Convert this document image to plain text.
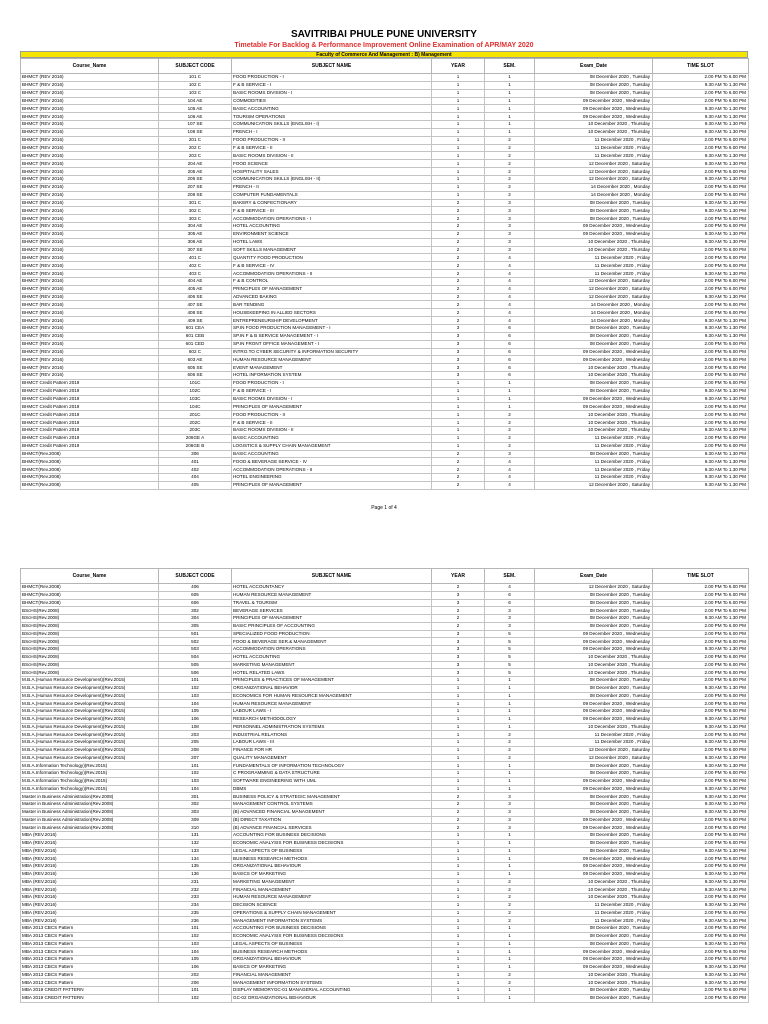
SAVITRIBAI PHULE PUNE UNIVERSITY
Timetable For Backlog & Performance Improvement Online Examination of APR/MAY 2020
Faculty of Commerce And Management : B) Management
Course_Name	SUBJECT CODE	SUBJECT NAME	YEAR	SEM.	Exam_Date	TIME SLOT
BHMCT (REV 2016)	101 C	FOOD PRODUCTION - I	1	1	08 December 2020 , Tuesday	2.00 PM To 6.00 PM
BHMCT (REV 2016)	102 C	F & B SERVICE - I	1	1	08 December 2020 , Tuesday	9.30 AM To 1.30 PM
BHMCT (REV 2016)	103 C	BASIC ROOMS DIVISION - I	1	1	08 December 2020 , Tuesday	2.00 PM To 6.00 PM
BHMCT (REV 2016)	104 AE	COMMODITIES	1	1	09 December 2020 , Wednesday	2.00 PM To 6.00 PM
BHMCT (REV 2016)	105 AE	BASIC ACCOUNTING	1	1	09 December 2020 , Wednesday	9.30 AM To 1.30 PM
BHMCT (REV 2016)	106 AE	TOURISM OPERATIONS	1	1	09 December 2020 , Wednesday	9.30 AM To 1.30 PM
BHMCT (REV 2016)	107 SE	COMMUNICATION SKILLS (ENGLISH - I)	1	1	10 December 2020 , Thursday	9.30 AM To 1.30 PM
BHMCT (REV 2016)	108 SE	FRENCH - I	1	1	10 December 2020 , Thursday	9.30 AM To 1.30 PM
BHMCT (REV 2016)	201 C	FOOD PRODUCTION - II	1	2	11 December 2020 , Friday	2.00 PM To 6.00 PM
BHMCT (REV 2016)	202 C	F & B SERVICE - II	1	2	11 December 2020 , Friday	2.00 PM To 6.00 PM
BHMCT (REV 2016)	203 C	BASIC ROOMS DIVISION - II	1	2	11 December 2020 , Friday	9.30 AM To 1.30 PM
BHMCT (REV 2016)	204 AE	FOOD SCIENCE	1	2	12 December 2020 , Saturday	9.30 AM To 1.30 PM
BHMCT (REV 2016)	205 AE	HOSPITALITY SALES	1	2	12 December 2020 , Saturday	2.00 PM To 6.00 PM
BHMCT (REV 2016)	206 SE	COMMUNICATION SKILLS (ENGLISH - II)	1	2	12 December 2020 , Saturday	9.30 AM To 1.30 PM
BHMCT (REV 2016)	207 SE	FRENCH - II	1	2	14 December 2020 , Monday	2.00 PM To 6.00 PM
BHMCT (REV 2016)	208 SE	COMPUTER FUNDAMENTALS	1	2	14 December 2020 , Monday	2.00 PM To 6.00 PM
BHMCT (REV 2016)	301 C	BAKERY & CONFECTIONARY	2	3	08 December 2020 , Tuesday	9.30 AM To 1.30 PM
BHMCT (REV 2016)	302 C	F & B SERVICE - III	2	3	08 December 2020 , Tuesday	9.30 AM To 1.30 PM
BHMCT (REV 2016)	303 C	ACCOMMODATION OPERATIONS - I	2	3	08 December 2020 , Tuesday	2.00 PM To 6.00 PM
BHMCT (REV 2016)	304 AE	HOTEL ACCOUNTING	2	3	09 December 2020 , Wednesday	2.00 PM To 6.00 PM
BHMCT (REV 2016)	305 AE	ENVIRONMENT SCIENCE	2	3	09 December 2020 , Wednesday	9.30 AM To 1.30 PM
BHMCT (REV 2016)	306 AE	HOTEL LAWS	2	3	10 December 2020 , Thursday	9.30 AM To 1.30 PM
BHMCT (REV 2016)	307 SE	SOFT SKILLS MANAGEMENT	2	3	10 December 2020 , Thursday	2.00 PM To 6.00 PM
BHMCT (REV 2016)	401 C	QUANTITY FOOD PRODUCTION	2	4	11 December 2020 , Friday	2.00 PM To 6.00 PM
BHMCT (REV 2016)	402 C	F & B SERVICE - IV	2	4	11 December 2020 , Friday	2.00 PM To 6.00 PM
BHMCT (REV 2016)	403 C	ACCOMMODATION OPERATIONS - II	2	4	11 December 2020 , Friday	9.30 AM To 1.30 PM
BHMCT (REV 2016)	404 AE	F & B CONTROL	2	4	12 December 2020 , Saturday	2.00 PM To 6.00 PM
BHMCT (REV 2016)	405 AE	PRINCIPLES OF MANAGEMENT	2	4	12 December 2020 , Saturday	2.00 PM To 6.00 PM
BHMCT (REV 2016)	406 SE	ADVANCED BAKING	2	4	12 December 2020 , Saturday	9.30 AM To 1.30 PM
BHMCT (REV 2016)	407 SE	BAR TENDING	2	4	14 December 2020 , Monday	2.00 PM To 6.00 PM
BHMCT (REV 2016)	408 SE	HOUSEKEEPING IN ALLIED SECTORS	2	4	14 December 2020 , Monday	2.00 PM To 6.00 PM
BHMCT (REV 2016)	409 SE	ENTREPRENEURSHIP DEVELOPMENT	2	4	14 December 2020 , Monday	9.30 AM To 1.30 PM
BHMCT (REV 2016)	601 CEA	SP.IN FOOD PRODUCTION MANAGEMENT - I	3	6	08 December 2020 , Tuesday	9.30 AM To 1.30 PM
BHMCT (REV 2016)	601 CEB	SP.IN F & B SERVICE MANAGEMENT - I	3	6	08 December 2020 , Tuesday	9.30 AM To 1.30 PM
BHMCT (REV 2016)	601 CED	SP.IN FRONT OFFICE MANAGEMENT - I	3	6	08 December 2020 , Tuesday	2.00 PM To 6.00 PM
BHMCT (REV 2016)	602 C	INTRO.TO CYBER SECURITY & INFORMATION SECURITY	3	6	09 December 2020 , Wednesday	2.00 PM To 6.00 PM
BHMCT (REV 2016)	603 AE	HUMAN RESOURCE MANAGEMENT	3	6	09 December 2020 , Wednesday	2.00 PM To 6.00 PM
BHMCT (REV 2016)	605 SE	EVENT MANAGEMENT	3	6	10 December 2020 , Thursday	2.00 PM To 6.00 PM
BHMCT (REV 2016)	606 SE	HOTEL INFORMATION SYSTEM	3	6	10 December 2020 , Thursday	2.00 PM To 6.00 PM
BHMCT Credit Pattern 2019	101C	FOOD PRODUCTION - I	1	1	08 December 2020 , Tuesday	2.00 PM To 6.00 PM
BHMCT Credit Pattern 2019	102C	F & B SERVICE - I	1	1	08 December 2020 , Tuesday	9.30 AM To 1.30 PM
BHMCT Credit Pattern 2019	103C	BASIC ROOMS DIVISION - I	1	1	09 December 2020 , Wednesday	9.30 AM To 1.30 PM
BHMCT Credit Pattern 2019	104C	PRINCIPLES OF MANAGEMENT	1	1	09 December 2020 , Wednesday	2.00 PM To 6.00 PM
BHMCT Credit Pattern 2019	201C	FOOD PRODUCTION - II	1	2	10 December 2020 , Thursday	2.00 PM To 6.00 PM
BHMCT Credit Pattern 2019	202C	F & B SERVICE - II	1	2	10 December 2020 , Thursday	2.00 PM To 6.00 PM
BHMCT Credit Pattern 2019	203C	BASIC ROOMS DIVISION - II	1	2	10 December 2020 , Thursday	9.30 AM To 1.30 PM
BHMCT Credit Pattern 2019	206GE A	BASIC ACCOUNTING	1	2	11 December 2020 , Friday	2.00 PM To 6.00 PM
BHMCT Credit Pattern 2019	206GE B	LOGISTICS & SUPPLY CHAIN MANAGEMENT	1	2	11 December 2020 , Friday	2.00 PM To 6.00 PM
BHMCT(Rev.2008)	306	BASIC ACCOUNTING	2	3	08 December 2020 , Tuesday	9.30 AM To 1.30 PM
BHMCT(Rev.2008)	401	FOOD & BEVERAGE SERVICE - IV	2	4	11 December 2020 , Friday	9.30 AM To 1.30 PM
BHMCT(Rev.2008)	402	ACCOMMODATION OPERATIONS - II	2	4	11 December 2020 , Friday	9.30 AM To 1.30 PM
BHMCT(Rev.2008)	404	HOTEL ENGINEERING	2	4	11 December 2020 , Friday	9.30 AM To 1.30 PM
BHMCT(Rev.2008)	405	PRINCIPLES OF MANAGEMENT	2	4	12 December 2020 , Saturday	9.30 AM To 1.30 PM
Page 1 of 4
Course_Name	SUBJECT CODE	SUBJECT NAME	YEAR	SEM.	Exam_Date	TIME SLOT
BHMCT(Rev.2008)	406	HOTEL ACCOUNTANCY	2	4	12 December 2020 , Saturday	2.00 PM To 6.00 PM
BHMCT(Rev.2008)	605	HUMAN RESOURCE MANAGEMENT	3	6	08 December 2020 , Tuesday	2.00 PM To 6.00 PM
BHMCT(Rev.2008)	606	TRAVEL & TOURISM	3	6	08 December 2020 , Tuesday	2.00 PM To 6.00 PM
BScHS(Rev.2008)	302	BEVERAGE SERVICES	2	3	08 December 2020 , Tuesday	2.00 PM To 6.00 PM
BScHS(Rev.2008)	304	PRINCIPLES OF MANAGEMENT	2	3	08 December 2020 , Tuesday	9.30 AM To 1.30 PM
BScHS(Rev.2008)	305	BASIC PRINCIPLES OF ACCOUNTING	2	3	08 December 2020 , Tuesday	2.00 PM To 6.00 PM
BScHS(Rev.2008)	501	SPECIALIZED FOOD PRODUCTION	3	5	09 December 2020 , Wednesday	2.00 PM To 6.00 PM
BScHS(Rev.2008)	502	FOOD & BEVERAGE SER.& MANAGEMENT	3	5	09 December 2020 , Wednesday	2.00 PM To 6.00 PM
BScHS(Rev.2008)	503	ACCOMMODATION OPERATIONS	3	5	09 December 2020 , Wednesday	9.30 AM To 1.30 PM
BScHS(Rev.2008)	504	HOTEL ACCOUNTING	3	5	10 December 2020 , Thursday	2.00 PM To 6.00 PM
BScHS(Rev.2008)	505	MARKETING MANAGEMENT	3	5	10 December 2020 , Thursday	2.00 PM To 6.00 PM
BScHS(Rev.2008)	506	HOTEL RELATED LAWS	3	5	10 December 2020 , Thursday	2.00 PM To 6.00 PM
M.B.A.(Human Resource Development)(Rev.2015)	101	PRINCIPLES & PRACTICES OF MANAGEMENT	1	1	08 December 2020 , Tuesday	2.00 PM To 6.00 PM
M.B.A.(Human Resource Development)(Rev.2015)	102	ORGANIZATIONAL BEHAVIOR	1	1	08 December 2020 , Tuesday	9.30 AM To 1.30 PM
M.B.A.(Human Resource Development)(Rev.2015)	103	ECONOMICS FOR HUMAN RESOURCE MANAGEMENT	1	1	08 December 2020 , Tuesday	2.00 PM To 6.00 PM
M.B.A.(Human Resource Development)(Rev.2015)	104	HUMAN RESOURCE MANAGEMENT	1	1	09 December 2020 , Wednesday	2.00 PM To 6.00 PM
M.B.A.(Human Resource Development)(Rev.2015)	105	LABOUR LAWS - I	1	1	09 December 2020 , Wednesday	2.00 PM To 6.00 PM
M.B.A.(Human Resource Development)(Rev.2015)	106	RESEARCH METHODOLOGY	1	1	09 December 2020 , Wednesday	9.30 AM To 1.30 PM
M.B.A.(Human Resource Development)(Rev.2015)	108	PERSONNEL ADMINISTRATION SYSTEMS	1	1	10 December 2020 , Thursday	9.30 AM To 1.30 PM
M.B.A.(Human Resource Development)(Rev.2015)	203	INDUSTRIAL RELATIONS	1	2	11 December 2020 , Friday	2.00 PM To 6.00 PM
M.B.A.(Human Resource Development)(Rev.2015)	205	LABOUR LAWS - III	1	2	11 December 2020 , Friday	9.30 AM To 1.30 PM
M.B.A.(Human Resource Development)(Rev.2015)	208	FINANCE FOR HR	1	2	12 December 2020 , Saturday	2.00 PM To 6.00 PM
M.B.A.(Human Resource Development)(Rev.2015)	207	QUALITY MANAGEMENT	1	2	12 December 2020 , Saturday	9.30 AM To 1.30 PM
M.B.A.Information Technology)(Rev.2015)	101	FUNDAMENTALS OF INFORMATION TECHNOLOGY	1	1	08 December 2020 , Tuesday	9.30 AM To 1.30 PM
M.B.A.Information Technology)(Rev.2015)	102	C PROGRAMMING & DATA STRUCTURE	1	1	08 December 2020 , Tuesday	2.00 PM To 6.00 PM
M.B.A.Information Technology)(Rev.2015)	103	SOFTWARE ENGINEERING WITH UML	1	1	09 December 2020 , Wednesday	2.00 PM To 6.00 PM
M.B.A.Information Technology)(Rev.2015)	104	DBMS	1	1	09 December 2020 , Wednesday	9.30 AM To 1.30 PM
Master in Business Administration(Rev.2008)	301	BUSINESS POLICY & STRATEGIC MANAGEMENT	2	3	08 December 2020 , Tuesday	9.30 AM To 1.30 PM
Master in Business Administration(Rev.2008)	302	MANAGEMENT CONTROL SYSTEMS	2	3	08 December 2020 , Tuesday	9.30 AM To 1.30 PM
Master in Business Administration(Rev.2008)	303	(B) ADVANCED FINANCIAL MANAGEMENT	2	3	08 December 2020 , Tuesday	9.30 AM To 1.30 PM
Master in Business Administration(Rev.2008)	309	(B) DIRECT TAXATION	2	3	09 December 2020 , Wednesday	2.00 PM To 6.00 PM
Master in Business Administration(Rev.2008)	310	(B) ADVANCE FINANCIAL SERVICES	2	3	09 December 2020 , Wednesday	2.00 PM To 6.00 PM
MBA (REV.2016)	131	ACCOUNTING FOR BUSINESS DECISIONS	1	1	08 December 2020 , Tuesday	2.00 PM To 6.00 PM
MBA (REV.2016)	132	ECONOMIC ANALYSIS FOR BUSINESS DECISIONS	1	1	08 December 2020 , Tuesday	2.00 PM To 6.00 PM
MBA (REV.2016)	133	LEGAL ASPECTS OF BUSINESS	1	1	08 December 2020 , Tuesday	9.30 AM To 1.30 PM
MBA (REV.2016)	134	BUSINESS RESEARCH METHODS	1	1	09 December 2020 , Wednesday	2.00 PM To 6.00 PM
MBA (REV.2016)	135	ORGANIZATIONAL BEHAVIOUR	1	1	09 December 2020 , Wednesday	2.00 PM To 6.00 PM
MBA (REV.2016)	136	BASICS OF MARKETING	1	1	09 December 2020 , Wednesday	9.30 AM To 1.30 PM
MBA (REV.2016)	231	MARKETING MANAGEMENT	1	2	10 December 2020 , Thursday	9.30 AM To 1.30 PM
MBA (REV.2016)	232	FINANCIAL MANAGEMENT	1	2	10 December 2020 , Thursday	9.30 AM To 1.30 PM
MBA (REV.2016)	233	HUMAN RESOURCE MANAGEMENT	1	2	10 December 2020 , Thursday	2.00 PM To 6.00 PM
MBA (REV.2016)	234	DECISION SCIENCE	1	2	11 December 2020 , Friday	9.30 AM To 1.30 PM
MBA (REV.2016)	235	OPERATIONS & SUPPLY CHAIN MANAGEMENT	1	2	11 December 2020 , Friday	2.00 PM To 6.00 PM
MBA (REV.2016)	236	MANAGEMENT INFORMATION SYSTEMS	1	2	11 December 2020 , Friday	9.30 AM To 1.30 PM
MBA 2013 CBCS Pattern	101	ACCOUNTING FOR BUSINESS DECISIONS	1	1	08 December 2020 , Tuesday	2.00 PM To 6.00 PM
MBA 2013 CBCS Pattern	102	ECONOMIC ANALYSIS FOR BUSINESS DECISIONS	1	1	08 December 2020 , Tuesday	2.00 PM To 6.00 PM
MBA 2013 CBCS Pattern	103	LEGAL ASPECTS OF BUSINESS	1	1	08 December 2020 , Tuesday	9.30 AM To 1.30 PM
MBA 2013 CBCS Pattern	104	BUSINESS RESEARCH METHODS	1	1	09 December 2020 , Wednesday	2.00 PM To 6.00 PM
MBA 2013 CBCS Pattern	105	ORGANIZATIONAL BEHAVIOUR	1	1	09 December 2020 , Wednesday	2.00 PM To 6.00 PM
MBA 2013 CBCS Pattern	106	BASICS OF MARKETING	1	1	09 December 2020 , Wednesday	9.30 AM To 1.30 PM
MBA 2013 CBCS Pattern	202	FINANCIAL MANAGEMENT	1	2	10 December 2020 , Thursday	9.30 AM To 1.30 PM
MBA 2013 CBCS Pattern	206	MANAGEMENT INFORMATION SYSTEMS	1	2	10 December 2020 , Thursday	9.30 AM To 1.30 PM
MBA 2019 CREDIT PATTERN	101	DISPLAY MEMORYGC-01 MANAGERIAL ACCOUNTING	1	1	08 December 2020 , Tuesday	2.00 PM To 6.00 PM
MBA 2019 CREDIT PATTERN	102	GC-02 ORGANIZATIONAL BEHAVIOUR	1	1	08 December 2020 , Tuesday	2.00 PM To 6.00 PM
